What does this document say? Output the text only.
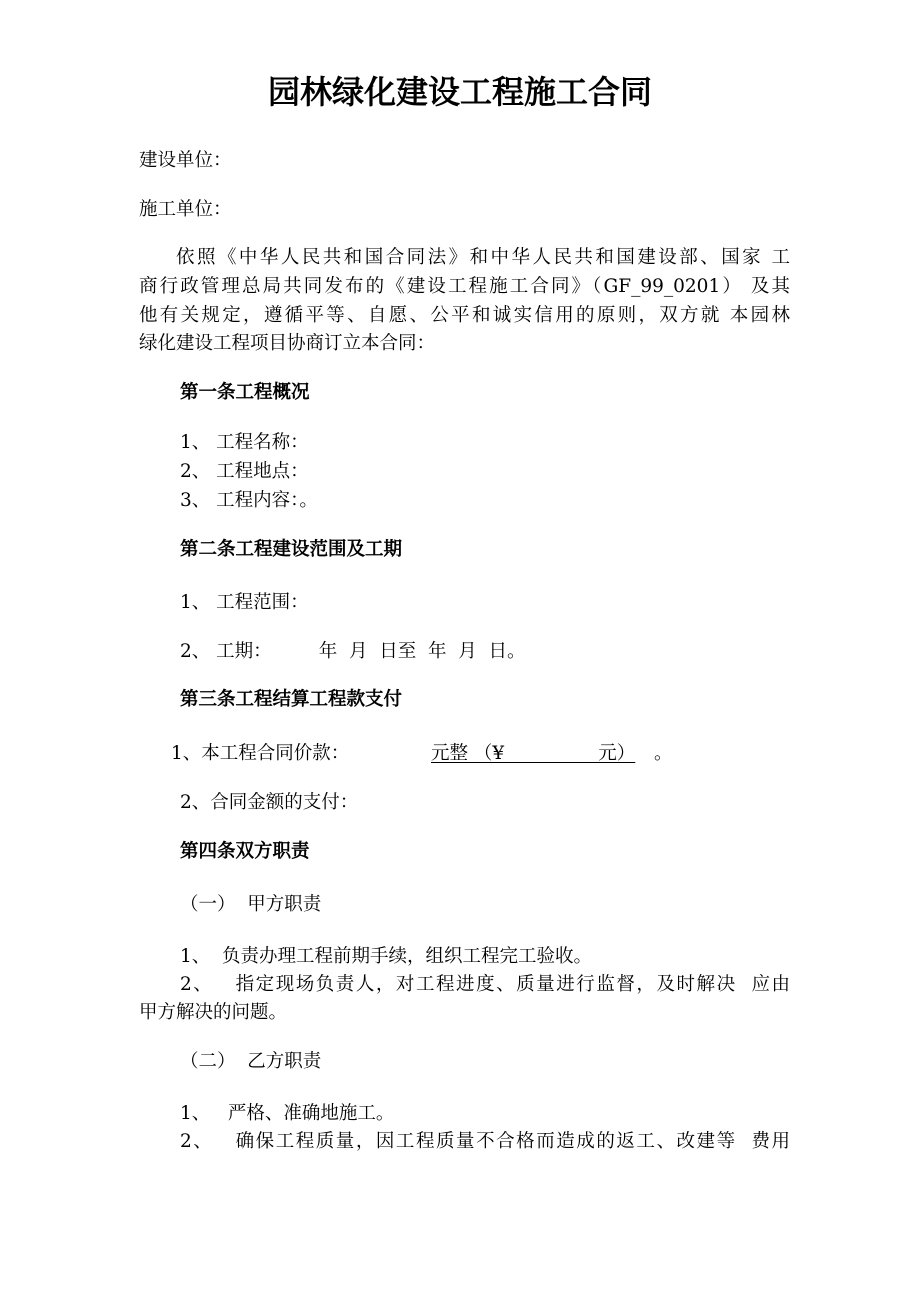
园林绿化建设工程施工合同
建设单位：
施工单位：
依照《中华人民共和国合同法》和中华人民共和国建设部、国家 工
商行政管理总局共同发布的《建设工程施工合同》（GF_99_0201） 及其
他有关规定，遵循平等、自愿、公平和诚实信用的原则，双方就 本园林
绿化建设工程项目协商订立本合同：
第一条工程概况
1、 工程名称：
2、 工程地点：
3、 工程内容：。
第二条工程建设范围及工期
1、 工程范围：
2、 工期：        年  月  日至  年  月  日。
第三条工程结算工程款支付
1、本工程合同价款：	元整 （¥                元） 。
2、合同金额的支付：
第四条双方职责
（一）  甲方职责
1、  负责办理工程前期手续，组织工程完工验收。
2、   指定现场负责人，对工程进度、质量进行监督，及时解决  应由
甲方解决的问题。
（二）  乙方职责
1、   严格、准确地施工。
2、   确保工程质量，因工程质量不合格而造成的返工、改建等  费用
